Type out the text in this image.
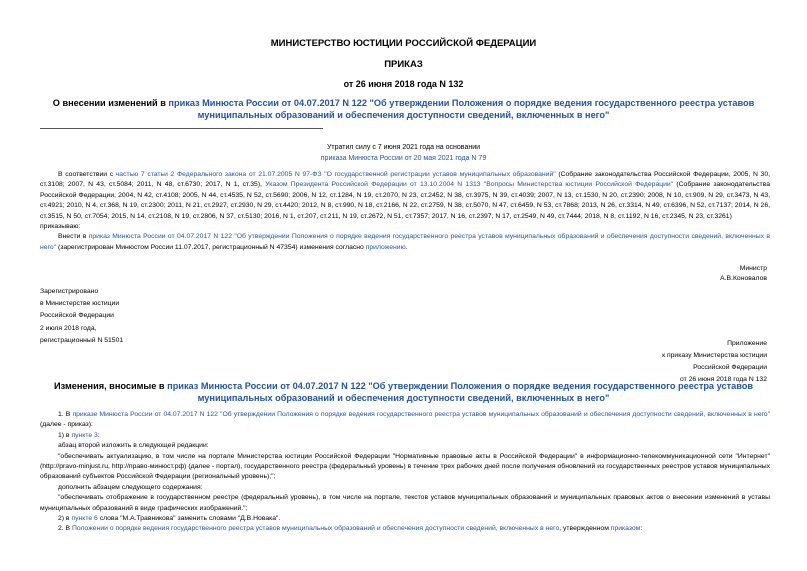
МИНИСТЕРСТВО ЮСТИЦИИ РОССИЙСКОЙ ФЕДЕРАЦИИ
ПРИКАЗ
от 26 июня 2018 года N 132
О внесении изменений в приказ Минюста России от 04.07.2017 N 122 "Об утверждении Положения о порядке ведения государственного реестра уставов муниципальных образований и обеспечения доступности сведений, включенных в него"
Утратил силу с 7 июня 2021 года на основании
приказа Минюста России от 20 мая 2021 года N 79

В соответствии с частью 7 статьи 2 Федерального закона от 21.07.2005 N 97-ФЗ "О государственной регистрации уставов муниципальных образований" (Собрание законодательства Российской Федерации, 2005, N 30, ст.3108; 2007, N 43, ст.5084; 2011, N 48, ст.6730; 2017, N 1, ст.35), Указом Президента Российской Федерации от 13.10.2004 N 1313 "Вопросы Министерства юстиции Российской Федерации" (Собрание законодательства Российской Федерации, 2004, N 42, ст.4108; 2005, N 44, ст.4535, N 52, ст.5690; 2006, N 12, ст.1284, N 19, ст.2070, N 23, ст.2452, N 38, ст.3975, N 39, ст.4039; 2007, N 13, ст.1530, N 20, ст.2390; 2008, N 10, ст.909, N 29, ст.3473, N 43, ст.4921; 2010, N 4, ст.368, N 19, ст.2300; 2011, N 21, ст.2927, ст.2930, N 29, ст.4420; 2012, N 8, ст.990, N 18, ст.2166, N 22, ст.2759, N 38, ст.5070, N 47, ст.6459, N 53, ст.7868; 2013, N 26, ст.3314, N 49, ст.6396, N 52, ст.7137; 2014, N 26, ст.3515, N 50, ст.7054; 2015, N 14, ст.2108, N 19, ст.2806, N 37, ст.5130; 2016, N 1, ст.207, ст.211, N 19, ст.2672, N 51, ст.7357; 2017, N 16, ст.2397, N 17, ст.2549, N 49, ст.7444; 2018, N 8, ст.1192, N 16, ст.2345, N 23, ст.3261)

приказываю:

Внести в приказ Минюста России от 04.07.2017 N 122 "Об утверждении Положения о порядке ведения государственного реестра уставов муниципальных образований и обеспечения доступности сведений, включенных в него" (зарегистрирован Минюстом России 11.07.2017, регистрационный N 47354) изменения согласно приложению.

Министр
А.В.Коновалов
Зарегистрировано
в Министерстве юстиции
Российской Федерации
2 июля 2018 года,
регистрационный N 51501	Приложение
к приказу Министерства юстиции
Российской Федерации
от 26 июня 2018 года N 132
Изменения, вносимые в приказ Минюста России от 04.07.2017 N 122 "Об утверждении Положения о порядке ведения государственного реестра уставов муниципальных образований и обеспечения доступности сведений, включенных в него"

1. В приказе Минюста России от 04.07.2017 N 122 "Об утверждении Положения о порядке ведения государственного реестра уставов муниципальных образований и обеспечения доступности сведений, включенных в него" (далее - приказ):

1) в пункте 3:

абзац второй изложить в следующей редакции:

"обеспечивать актуализацию, в том числе на портале Министерства юстиции Российской Федерации "Нормативные правовые акты в Российской Федерации" в информационно-телекоммуникационной сети "Интернет" (http://pravo-minjust.ru, http://право-минюст.рф) (далее - портал), государственного реестра (федеральный уровень) в течение трех рабочих дней после получения обновлений из государственных реестров уставов муниципальных образований субъектов Российской Федерации (региональный уровень);";

дополнить абзацем следующего содержания:

"обеспечивать отображение в государственном реестре (федеральный уровень), в том числе на портале, текстов уставов муниципальных образований и муниципальных правовых актов о внесении изменений в уставы муниципальных образований в виде графических изображений.";

2) в пункте 6 слова "М.А.Травникова" заменить словами "Д.В.Новака".

2. В Положении о порядке ведения государственного реестра уставов муниципальных образований и обеспечения доступности сведений, включенных в него, утвержденном приказом:
